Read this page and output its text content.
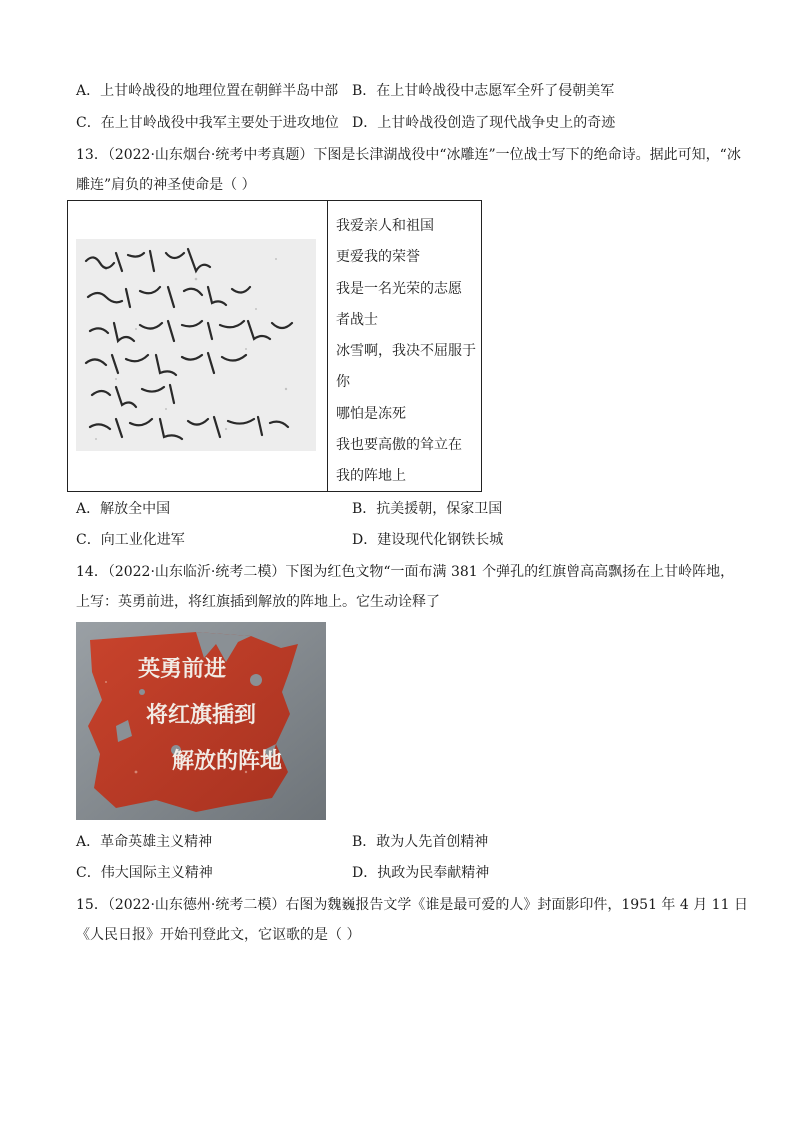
A．上甘岭战役的地理位置在朝鲜半岛中部 B．在上甘岭战役中志愿军全歼了侵朝美军
C．在上甘岭战役中我军主要处于进攻地位 D．上甘岭战役创造了现代战争史上的奇迹
13．（2022·山东烟台·统考中考真题）下图是长津湖战役中“冰雕连”一位战士写下的绝命诗。据此可知，“冰
雕连”肩负的神圣使命是（ ）
我爱亲人和祖国
更爱我的荣誉
我是一名光荣的志愿
者战士
冰雪啊，我决不屈服于
你
哪怕是冻死
我也要高傲的耸立在
我的阵地上
A．解放全中国	B．抗美援朝，保家卫国
C．向工业化进军	D．建设现代化钢铁长城
14．（2022·山东临沂·统考二模）下图为红色文物“一面布满 381 个弹孔的红旗曾高高飘扬在上甘岭阵地，
上写：英勇前进，将红旗插到解放的阵地上。它生动诠释了
英勇前进
将红旗插到
解放的阵地
A．革命英雄主义精神	B．敢为人先首创精神
C．伟大国际主义精神	D．执政为民奉献精神
15．（2022·山东德州·统考二模）右图为魏巍报告文学《谁是最可爱的人》封面影印件，1951 年 4 月 11 日
《人民日报》开始刊登此文，它讴歌的是（ ）
